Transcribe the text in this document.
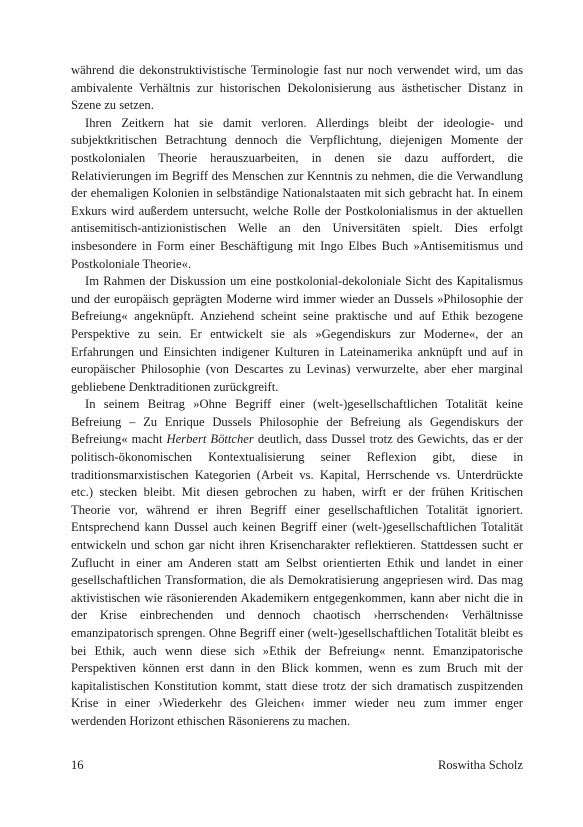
während die dekonstruktivistische Terminologie fast nur noch verwendet wird, um das ambivalente Verhältnis zur historischen Dekolonisierung aus ästhetischer Distanz in Szene zu setzen.

Ihren Zeitkern hat sie damit verloren. Allerdings bleibt der ideologie- und subjektkritischen Betrachtung dennoch die Verpflichtung, diejenigen Momente der postkolonialen Theorie herauszuarbeiten, in denen sie dazu auffordert, die Relativierungen im Begriff des Menschen zur Kenntnis zu nehmen, die die Verwandlung der ehemaligen Kolonien in selbständige Nationalstaaten mit sich gebracht hat. In einem Exkurs wird außerdem untersucht, welche Rolle der Postkolonialismus in der aktuellen antisemitisch-antizionistischen Welle an den Universitäten spielt. Dies erfolgt insbesondere in Form einer Beschäftigung mit Ingo Elbes Buch »Antisemitismus und Postkoloniale Theorie«.

Im Rahmen der Diskussion um eine postkolonial-dekoloniale Sicht des Kapitalismus und der europäisch geprägten Moderne wird immer wieder an Dussels »Philosophie der Befreiung« angeknüpft. Anziehend scheint seine praktische und auf Ethik bezogene Perspektive zu sein. Er entwickelt sie als »Gegendiskurs zur Moderne«, der an Erfahrungen und Einsichten indigener Kulturen in Lateinamerika anknüpft und auf in europäischer Philosophie (von Descartes zu Levinas) verwurzelte, aber eher marginal gebliebene Denktraditionen zurückgreift.

In seinem Beitrag »Ohne Begriff einer (welt-)gesellschaftlichen Totalität keine Befreiung – Zu Enrique Dussels Philosophie der Befreiung als Gegendiskurs der Befreiung« macht Herbert Böttcher deutlich, dass Dussel trotz des Gewichts, das er der politisch-ökonomischen Kontextualisierung seiner Reflexion gibt, diese in traditionsmarxistischen Kategorien (Arbeit vs. Kapital, Herrschende vs. Unterdrückte etc.) stecken bleibt. Mit diesen gebrochen zu haben, wirft er der frühen Kritischen Theorie vor, während er ihren Begriff einer gesellschaftlichen Totalität ignoriert. Entsprechend kann Dussel auch keinen Begriff einer (welt-)gesellschaftlichen Totalität entwickeln und schon gar nicht ihren Krisencharakter reflektieren. Stattdessen sucht er Zuflucht in einer am Anderen statt am Selbst orientierten Ethik und landet in einer gesellschaftlichen Transformation, die als Demokratisierung angepriesen wird. Das mag aktivistischen wie räsonierenden Akademikern entgegenkommen, kann aber nicht die in der Krise einbrechenden und dennoch chaotisch ›herrschenden‹ Verhältnisse emanzipatorisch sprengen. Ohne Begriff einer (welt-)gesellschaftlichen Totalität bleibt es bei Ethik, auch wenn diese sich »Ethik der Befreiung« nennt. Emanzipatorische Perspektiven können erst dann in den Blick kommen, wenn es zum Bruch mit der kapitalistischen Konstitution kommt, statt diese trotz der sich dramatisch zuspitzenden Krise in einer ›Wiederkehr des Gleichen‹ immer wieder neu zum immer enger werdenden Horizont ethischen Räsonierens zu machen.

16	Roswitha Scholz
